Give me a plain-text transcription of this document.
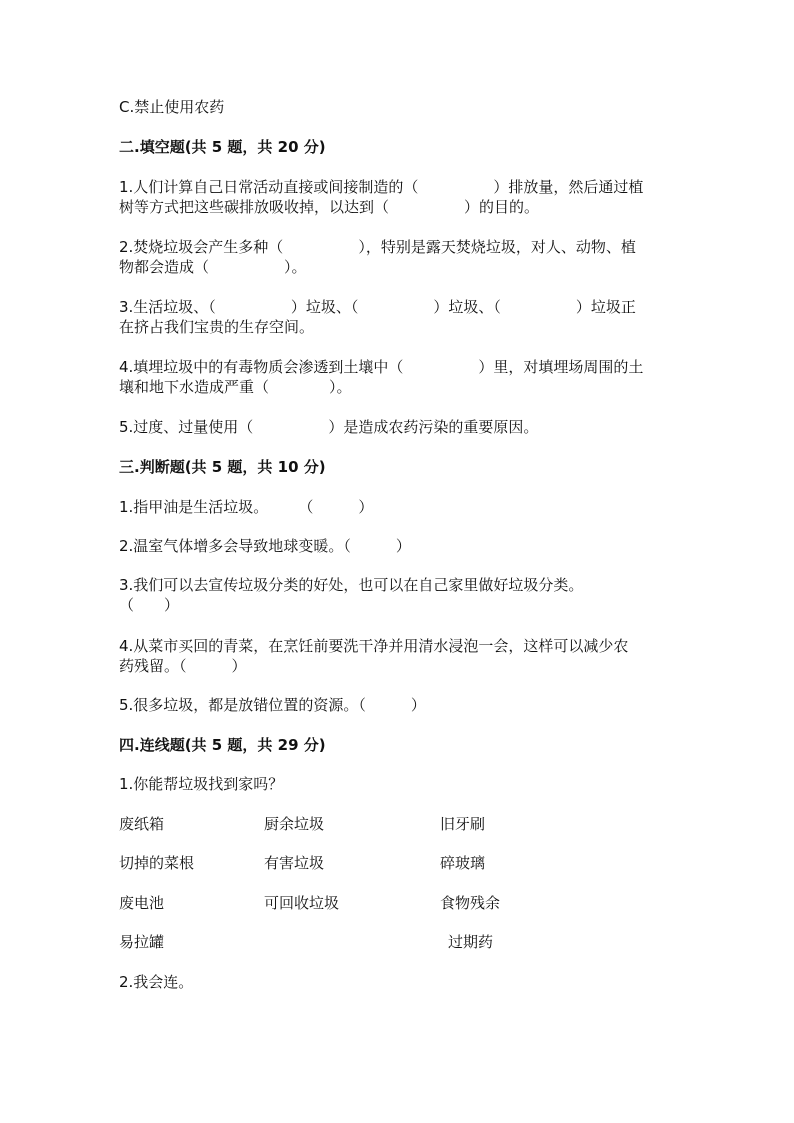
C.禁止使用农药
二.填空题(共 5 题，共 20 分)
1.人们计算自己日常活动直接或间接制造的（　　　　　）排放量，然后通过植
树等方式把这些碳排放吸收掉，以达到（　　　　　）的目的。
2.焚烧垃圾会产生多种（　　　　　），特别是露天焚烧垃圾，对人、动物、植
物都会造成（　　　　　）。
3.生活垃圾、（　　　　　）垃圾、（　　　　　）垃圾、（　　　　　）垃圾正
在挤占我们宝贵的生存空间。
4.填埋垃圾中的有毒物质会渗透到土壤中（　　　　　）里，对填埋场周围的土
壤和地下水造成严重（　　　　）。
5.过度、过量使用（　　　　　）是造成农药污染的重要原因。
三.判断题(共 5 题，共 10 分)
1.指甲油是生活垃圾。　　　（　　　）
2.温室气体增多会导致地球变暖。（　　　）
3.我们可以去宣传垃圾分类的好处，也可以在自己家里做好垃圾分类。
（　　）
4.从菜市买回的青菜，在烹饪前要洗干净并用清水浸泡一会，这样可以减少农
药残留。（　　　）
5.很多垃圾，都是放错位置的资源。（　　　）
四.连线题(共 5 题，共 29 分)
1.你能帮垃圾找到家吗？
废纸箱
切掉的菜根
废电池
易拉罐
厨余垃圾
有害垃圾
可回收垃圾
旧牙刷
碎玻璃
食物残余
过期药
2.我会连。
